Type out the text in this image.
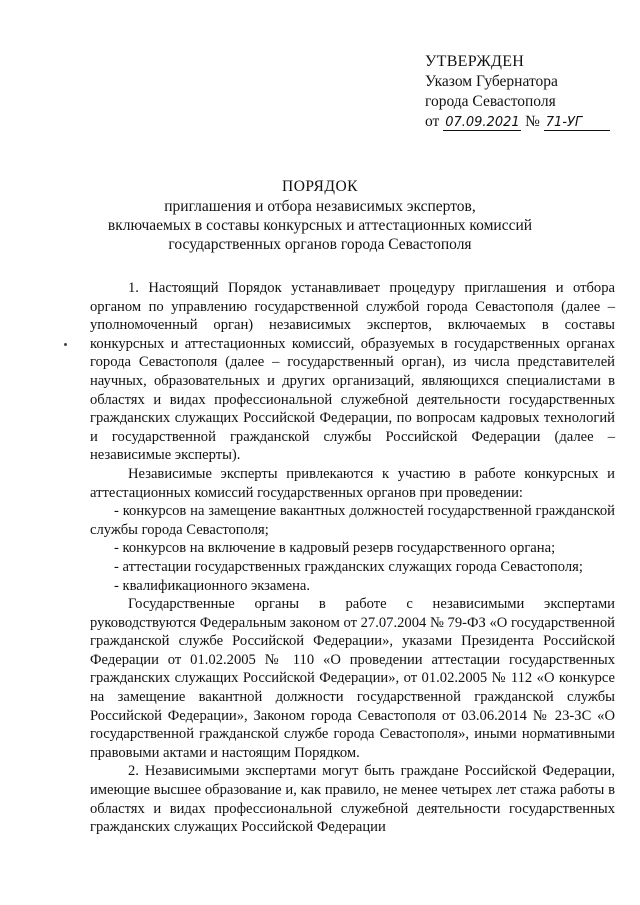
УТВЕРЖДЕН
Указом Губернатора
города Севастополя
от 07.09.2021 № 71-УГ
ПОРЯДОК
приглашения и отбора независимых экспертов,
включаемых в составы конкурсных и аттестационных комиссий
государственных органов города Севастополя

1. Настоящий Порядок устанавливает процедуру приглашения и отбора органом по управлению государственной службой города Севастополя (далее – уполномоченный орган) независимых экспертов, включаемых в составы конкурсных и аттестационных комиссий, образуемых в государственных органах города Севастополя (далее – государственный орган), из числа представителей научных, образовательных и других организаций, являющихся специалистами в областях и видах профессиональной служебной деятельности государственных гражданских служащих Российской Федерации, по вопросам кадровых технологий и государственной гражданской службы Российской Федерации (далее – независимые эксперты).

Независимые эксперты привлекаются к участию в работе конкурсных и аттестационных комиссий государственных органов при проведении:

- конкурсов на замещение вакантных должностей государственной гражданской службы города Севастополя;

- конкурсов на включение в кадровый резерв государственного органа;

- аттестации государственных гражданских служащих города Севастополя;

- квалификационного экзамена.

Государственные органы в работе с независимыми экспертами руководствуются Федеральным законом от 27.07.2004 № 79-ФЗ «О государственной гражданской службе Российской Федерации», указами Президента Российской Федерации от 01.02.2005 № 110 «О проведении аттестации государственных гражданских служащих Российской Федерации», от 01.02.2005 № 112 «О конкурсе на замещение вакантной должности государственной гражданской службы Российской Федерации», Законом города Севастополя от 03.06.2014 № 23-ЗС «О государственной гражданской службе города Севастополя», иными нормативными правовыми актами и настоящим Порядком.

2. Независимыми экспертами могут быть граждане Российской Федерации, имеющие высшее образование и, как правило, не менее четырех лет стажа работы в областях и видах профессиональной служебной деятельности государственных гражданских служащих Российской Федерации
